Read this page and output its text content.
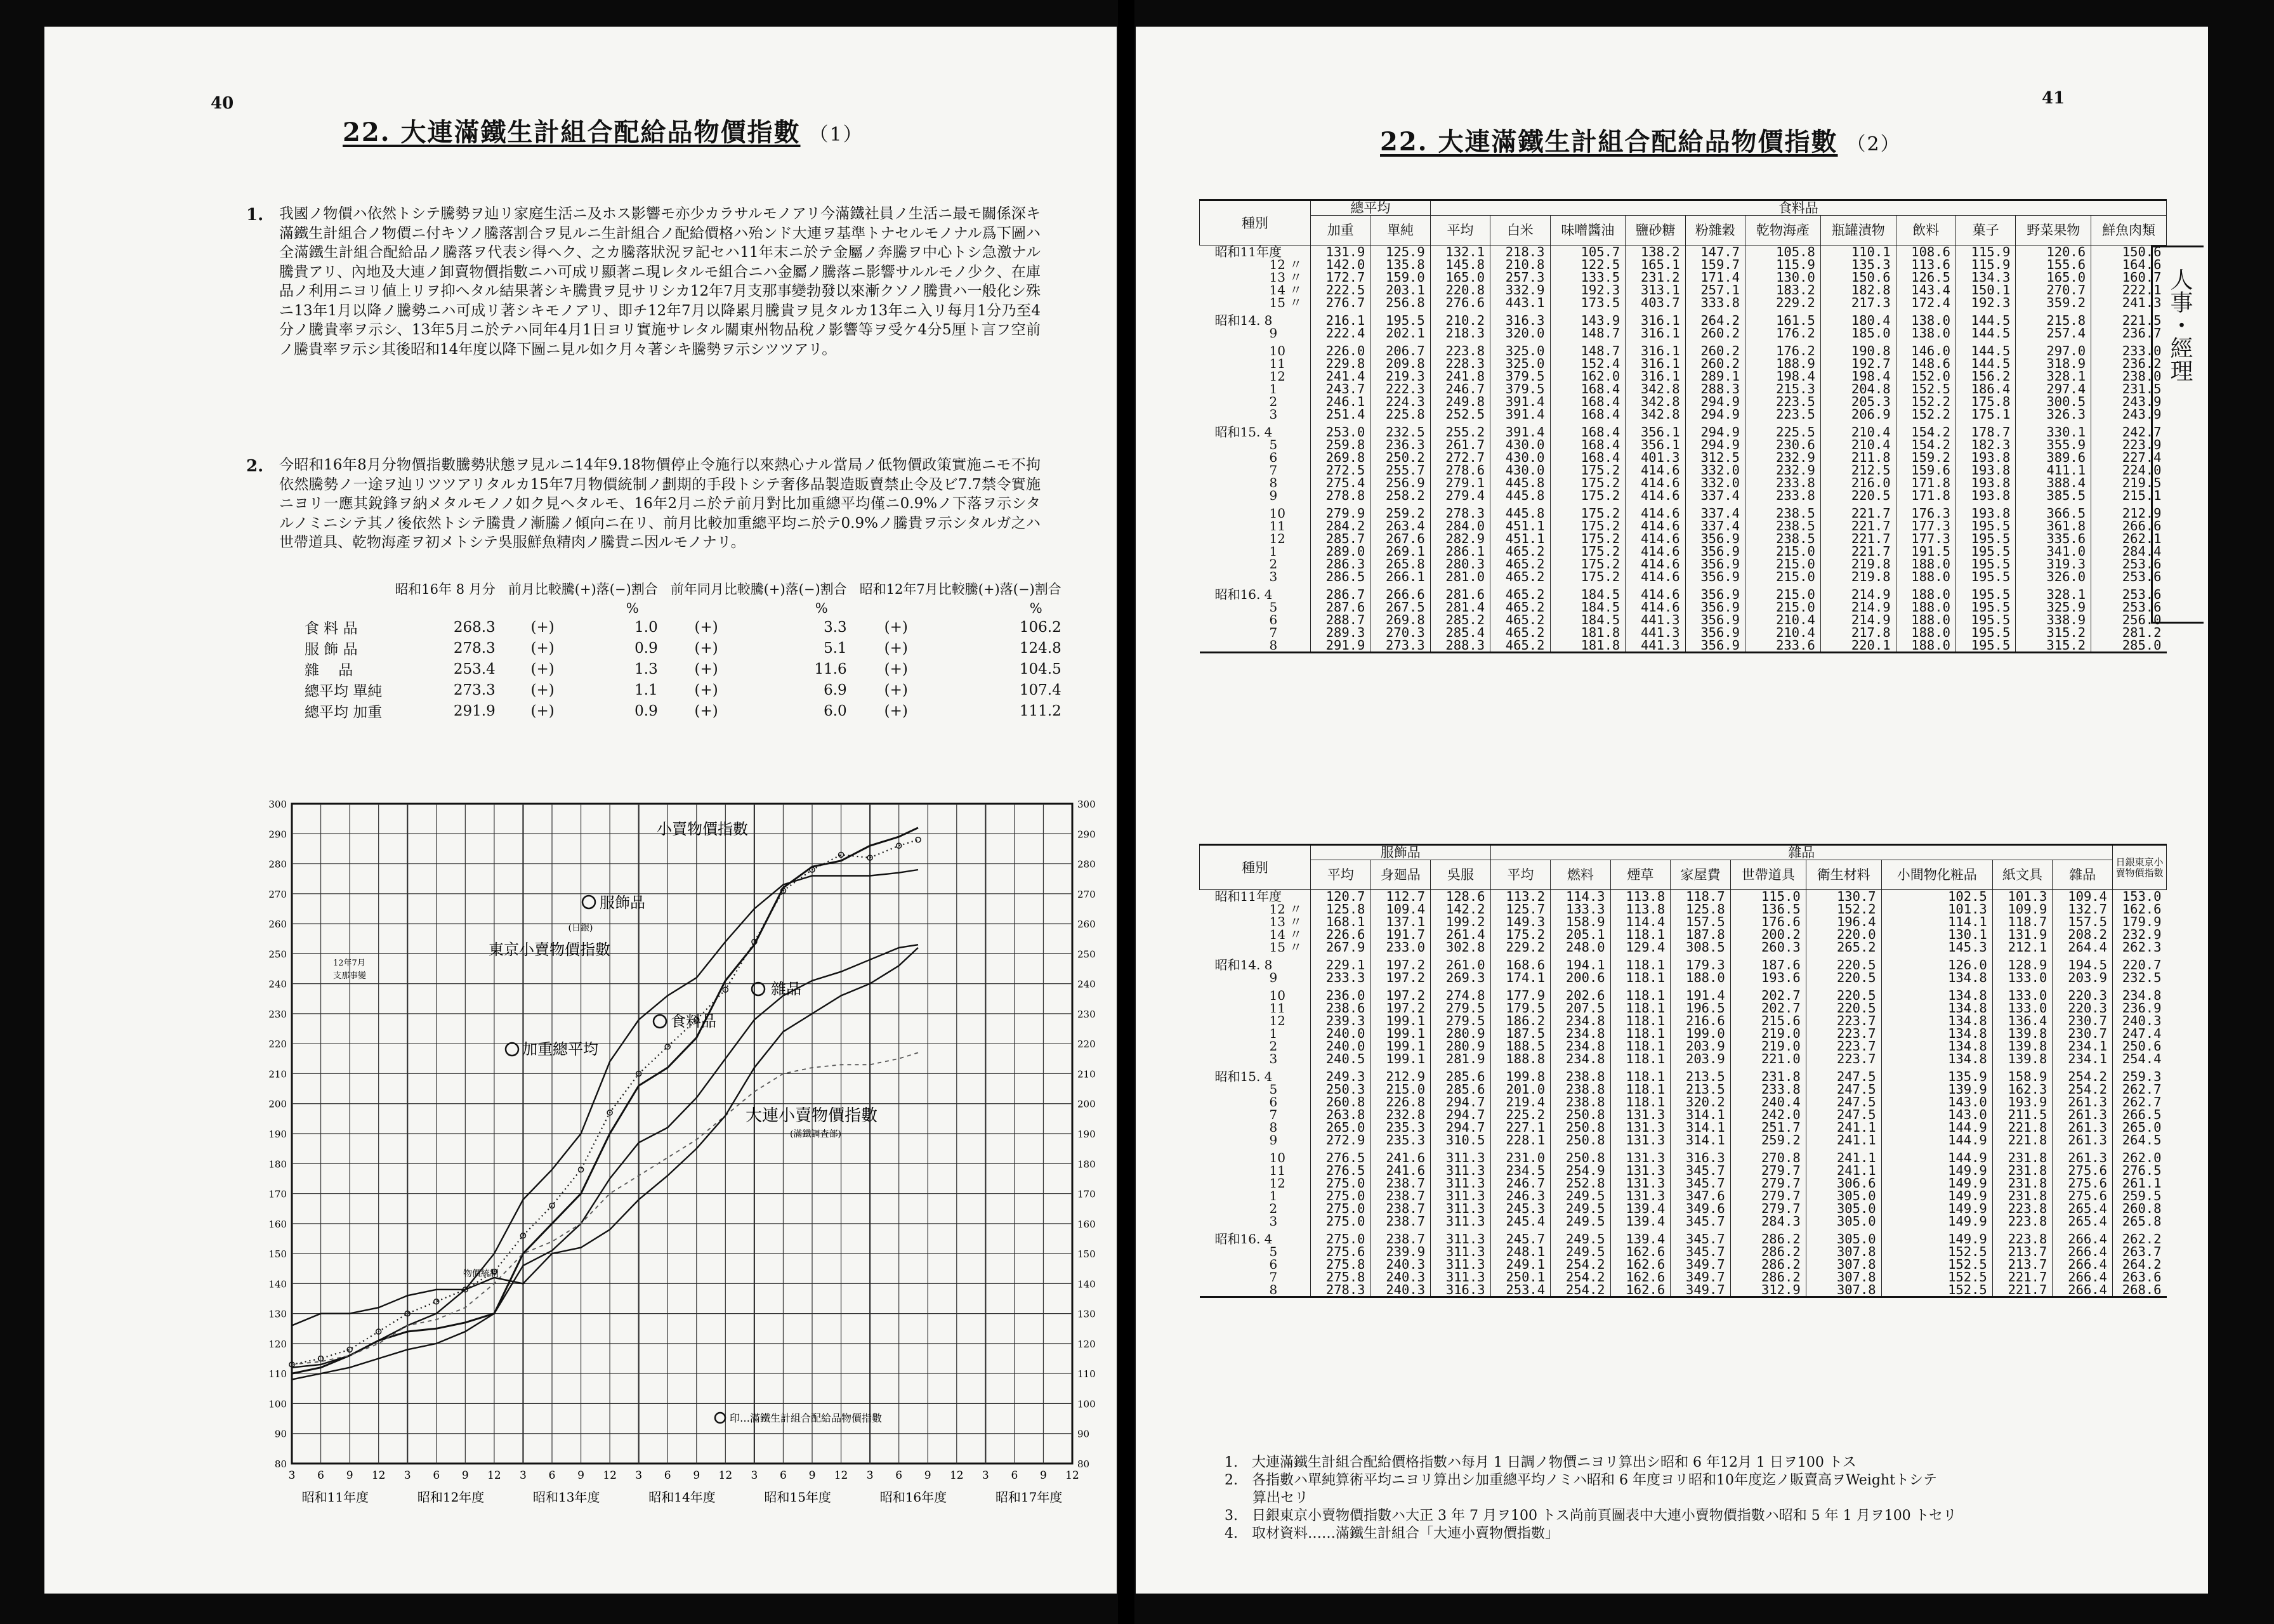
40
22. 大連滿鐵生計組合配給品物價指數 （1）
1. 我國ノ物價ハ依然トシテ騰勢ヲ辿リ家庭生活ニ及ホス影響モ亦少カラサルモノアリ今滿鐵社員ノ生活ニ最モ關係深キ滿鐵生計組合ノ物價ニ付キソノ騰落割合ヲ見ルニ生計組合ノ配給價格ハ殆ンド大連ヲ基準トナセルモノナル爲下圖ハ全滿鐵生計組合配給品ノ騰落ヲ代表シ得ヘク、之カ騰落狀況ヲ記セハ11年末ニ於テ金屬ノ奔騰ヲ中心トシ急激ナル騰貴アリ、內地及大連ノ卸賣物價指數ニハ可成リ顯著ニ現レタルモ組合ニハ金屬ノ騰落ニ影響サルルモノ少ク、在庫品ノ利用ニヨリ値上リヲ抑ヘタル結果著シキ騰貴ヲ見サリシカ12年7月支那事變勃發以來漸クソノ騰貴ハ一般化シ殊ニ13年1月以降ノ騰勢ニハ可成リ著シキモノアリ、即チ12年7月以降累月騰貴ヲ見タルカ13年ニ入リ每月1分乃至4分ノ騰貴率ヲ示シ、13年5月ニ於テハ同年4月1日ヨリ實施サレタル關東州物品稅ノ影響等ヲ受ケ4分5厘ト言フ空前ノ騰貴率ヲ示シ其後昭和14年度以降下圖ニ見ル如ク月々著シキ騰勢ヲ示シツツアリ。
2. 今昭和16年8月分物價指數騰勢狀態ヲ見ルニ14年9.18物價停止令施行以來熱心ナル當局ノ低物價政策實施ニモ不拘依然騰勢ノ一途ヲ辿リツツアリタルカ15年7月物價統制ノ劃期的手段トシテ奢侈品製造販賣禁止令及ビ7.7禁令實施ニヨリ一應其銳鋒ヲ納メタルモノノ如ク見ヘタルモ、16年2月ニ於テ前月對比加重總平均僅ニ0.9%ノ下落ヲ示シタルノミニシテ其ノ後依然トシテ騰貴ノ漸騰ノ傾向ニ在リ、前月比較加重總平均ニ於テ0.9%ノ騰貴ヲ示シタルガ之ハ世帶道具、乾物海產ヲ初メトシテ吳服鮮魚精肉ノ騰貴ニ因ルモノナリ。
	昭和16年 8 月分	前月比較騰(+)落(−)割合		前年同月比較騰(+)落(−)割合		昭和12年7月比較騰(+)落(−)割合	
		%		%		%	
食 料 品	268.3	(+)	1.0	(+)	3.3	(+)	106.2
服 飾 品	278.3	(+)	0.9	(+)	5.1	(+)	124.8
雜　 品	253.4	(+)	1.3	(+)	11.6	(+)	104.5
總平均 單純	273.3	(+)	1.1	(+)	6.9	(+)	107.4
總平均 加重	291.9	(+)	0.9	(+)	6.0	(+)	111.2
80	80
90	90
100	100
110	110
120	120
130	130
140	140
150	150
160	160
170	170
180	180
190	190
200	200
210	210
220	220
230	230
240	240
250	250
260	260
270	270
280	280
290	290
300	300
3 6 9 12 3 6 9 12 3 6 9 12 3 6 9 12 3 6 9 12 3 6 9 12 3 6 9 12
昭和11年度	昭和12年度	昭和13年度	昭和14年度	昭和15年度	昭和16年度	昭和17年度
小賣物價指數
服飾品
(日銀)
東京小賣物價指數
雜品
食料品
加重總平均
12年7月
支那事變
大連小賣物價指數
(滿鐵調査部)
物價統制
印…滿鐵生計組合配給品物價指數
41
22. 大連滿鐵生計組合配給品物價指數 （2）
人事・經理
種別	總平均		食料品										
	加重	單純	平均	白米	味噌醬油	鹽砂糖	粉雜穀	乾物海產	瓶罐漬物	飲料	菓子	野菜果物	鮮魚肉類
昭和11年度	131.9	125.9	132.1	218.3	105.7	138.2	147.7	105.8	110.1	108.6	115.9	120.6	150.6
12 〃	142.0	135.8	145.8	210.8	122.5	165.1	159.7	115.9	135.3	113.6	115.9	155.6	164.6
13 〃	172.7	159.0	165.0	257.3	133.5	231.2	171.4	130.0	150.6	126.5	134.3	165.0	160.7
14 〃	222.5	203.1	220.8	332.9	192.3	313.1	257.1	183.2	182.8	143.4	150.1	270.7	222.1
15 〃	276.7	256.8	276.6	443.1	173.5	403.7	333.8	229.2	217.3	172.4	192.3	359.2	241.3
昭和14. 8	216.1	195.5	210.2	316.3	143.9	316.1	264.2	161.5	180.4	138.0	144.5	215.8	221.5
9	222.4	202.1	218.3	320.0	148.7	316.1	260.2	176.2	185.0	138.0	144.5	257.4	236.7
10	226.0	206.7	223.8	325.0	148.7	316.1	260.2	176.2	190.8	146.0	144.5	297.0	233.0
11	229.8	209.8	228.3	325.0	152.4	316.1	260.2	188.9	192.7	148.6	144.5	318.9	236.2
12	241.4	219.3	241.8	379.5	162.0	316.1	289.1	198.4	198.4	152.0	156.2	328.1	238.0
1	243.7	222.3	246.7	379.5	168.4	342.8	288.3	215.3	204.8	152.5	186.4	297.4	231.5
2	246.1	224.3	249.8	391.4	168.4	342.8	294.9	223.5	205.3	152.2	175.8	300.5	243.9
3	251.4	225.8	252.5	391.4	168.4	342.8	294.9	223.5	206.9	152.2	175.1	326.3	243.9
昭和15. 4	253.0	232.5	255.2	391.4	168.4	356.1	294.9	225.5	210.4	154.2	178.7	330.1	242.7
5	259.8	236.3	261.7	430.0	168.4	356.1	294.9	230.6	210.4	154.2	182.3	355.9	223.9
6	269.8	250.2	272.7	430.0	168.4	401.3	312.5	232.9	211.8	159.2	193.8	389.6	227.4
7	272.5	255.7	278.6	430.0	175.2	414.6	332.0	232.9	212.5	159.6	193.8	411.1	224.0
8	275.4	256.9	279.1	445.8	175.2	414.6	332.0	233.8	216.0	171.8	193.8	388.4	219.5
9	278.8	258.2	279.4	445.8	175.2	414.6	337.4	233.8	220.5	171.8	193.8	385.5	215.1
10	279.9	259.2	278.3	445.8	175.2	414.6	337.4	238.5	221.7	176.3	193.8	366.5	212.9
11	284.2	263.4	284.0	451.1	175.2	414.6	337.4	238.5	221.7	177.3	195.5	361.8	266.6
12	285.7	267.6	282.9	451.1	175.2	414.6	356.9	238.5	221.7	177.3	195.5	335.6	262.1
1	289.0	269.1	286.1	465.2	175.2	414.6	356.9	215.0	221.7	191.5	195.5	341.0	284.4
2	286.3	265.8	280.3	465.2	175.2	414.6	356.9	215.0	219.8	188.0	195.5	319.3	253.6
3	286.5	266.1	281.0	465.2	175.2	414.6	356.9	215.0	219.8	188.0	195.5	326.0	253.6
昭和16. 4	286.7	266.6	281.6	465.2	184.5	414.6	356.9	215.0	214.9	188.0	195.5	328.1	253.6
5	287.6	267.5	281.4	465.2	184.5	414.6	356.9	215.0	214.9	188.0	195.5	325.9	253.6
6	288.7	269.8	285.2	465.2	184.5	441.3	356.9	210.4	214.9	188.0	195.5	338.9	256.0
7	289.3	270.3	285.4	465.2	181.8	441.3	356.9	210.4	217.8	188.0	195.5	315.2	281.2
8	291.9	273.3	288.3	465.2	181.8	441.3	356.9	233.6	220.1	188.0	195.5	315.2	285.0
種別	服飾品			雜品									日銀東京小賣物價指數
	平均	身廻品	吳服	平均	燃料	煙草	家屋費	世帶道具	衛生材料	小間物化粧品	紙文具	雜品	
昭和11年度	120.7	112.7	128.6	113.2	114.3	113.8	118.7	115.0	130.7	102.5	101.3	109.4	153.0
12 〃	125.8	109.4	142.2	125.7	133.3	113.8	125.8	136.5	152.2	101.3	109.9	132.7	162.6
13 〃	168.1	137.1	199.2	149.3	158.9	114.4	157.5	176.6	196.4	114.1	118.7	157.5	179.9
14 〃	226.6	191.7	261.4	175.2	205.1	118.1	187.8	200.2	220.0	130.1	131.9	208.2	232.9
15 〃	267.9	233.0	302.8	229.2	248.0	129.4	308.5	260.3	265.2	145.3	212.1	264.4	262.3
昭和14. 8	229.1	197.2	261.0	168.6	194.1	118.1	179.3	187.6	220.5	126.0	128.9	194.5	220.7
9	233.3	197.2	269.3	174.1	200.6	118.1	188.0	193.6	220.5	134.8	133.0	203.9	232.5
10	236.0	197.2	274.8	177.9	202.6	118.1	191.4	202.7	220.5	134.8	133.0	220.3	234.8
11	238.6	197.2	279.5	179.5	207.5	118.1	196.5	202.7	220.5	134.8	133.0	220.3	236.9
12	239.3	199.1	279.5	186.2	234.8	118.1	216.6	215.6	223.7	134.8	136.4	230.7	240.3
1	240.0	199.1	280.9	187.5	234.8	118.1	199.0	219.0	223.7	134.8	139.8	230.7	247.4
2	240.0	199.1	280.9	188.5	234.8	118.1	203.9	219.0	223.7	134.8	139.8	234.1	250.6
3	240.5	199.1	281.9	188.8	234.8	118.1	203.9	221.0	223.7	134.8	139.8	234.1	254.4
昭和15. 4	249.3	212.9	285.6	199.8	238.8	118.1	213.5	231.8	247.5	135.9	158.9	254.2	259.3
5	250.3	215.0	285.6	201.0	238.8	118.1	213.5	233.8	247.5	139.9	162.3	254.2	262.7
6	260.8	226.8	294.7	219.4	238.8	118.1	320.2	240.4	247.5	143.0	193.9	261.3	262.7
7	263.8	232.8	294.7	225.2	250.8	131.3	314.1	242.0	247.5	143.0	211.5	261.3	266.5
8	265.0	235.3	294.7	227.1	250.8	131.3	314.1	251.7	241.1	144.9	221.8	261.3	265.0
9	272.9	235.3	310.5	228.1	250.8	131.3	314.1	259.2	241.1	144.9	221.8	261.3	264.5
10	276.5	241.6	311.3	231.0	250.8	131.3	316.3	270.8	241.1	144.9	231.8	261.3	262.0
11	276.5	241.6	311.3	234.5	254.9	131.3	345.7	279.7	241.1	149.9	231.8	275.6	276.5
12	275.0	238.7	311.3	246.7	252.8	131.3	345.7	279.7	306.6	149.9	231.8	275.6	261.1
1	275.0	238.7	311.3	246.3	249.5	131.3	347.6	279.7	305.0	149.9	231.8	275.6	259.5
2	275.0	238.7	311.3	245.3	249.5	139.4	349.6	279.7	305.0	149.9	223.8	265.4	260.8
3	275.0	238.7	311.3	245.4	249.5	139.4	345.7	284.3	305.0	149.9	223.8	265.4	265.8
昭和16. 4	275.0	238.7	311.3	245.7	249.5	139.4	345.7	286.2	305.0	149.9	223.8	266.4	262.2
5	275.6	239.9	311.3	248.1	249.5	162.6	345.7	286.2	307.8	152.5	213.7	266.4	263.7
6	275.8	240.3	311.3	249.1	254.2	162.6	349.7	286.2	307.8	152.5	213.7	266.4	264.2
7	275.8	240.3	311.3	250.1	254.2	162.6	349.7	286.2	307.8	152.5	221.7	266.4	263.6
8	278.3	240.3	316.3	253.4	254.2	162.6	349.7	312.9	307.8	152.5	221.7	266.4	268.6
1.　大連滿鐵生計組合配給價格指數ハ每月 1 日調ノ物價ニヨリ算出シ昭和 6 年12月 1 日ヲ100 トス
2.　各指數ハ單純算術平均ニヨリ算出シ加重總平均ノミハ昭和 6 年度ヨリ昭和10年度迄ノ販賣高ヲWeightトシテ
　　算出セリ
3.　日銀東京小賣物價指數ハ大正 3 年 7 月ヲ100 トス尚前頁圖表中大連小賣物價指數ハ昭和 5 年 1 月ヲ100 トセリ
4.　取材資料……滿鐵生計組合「大連小賣物價指數」
